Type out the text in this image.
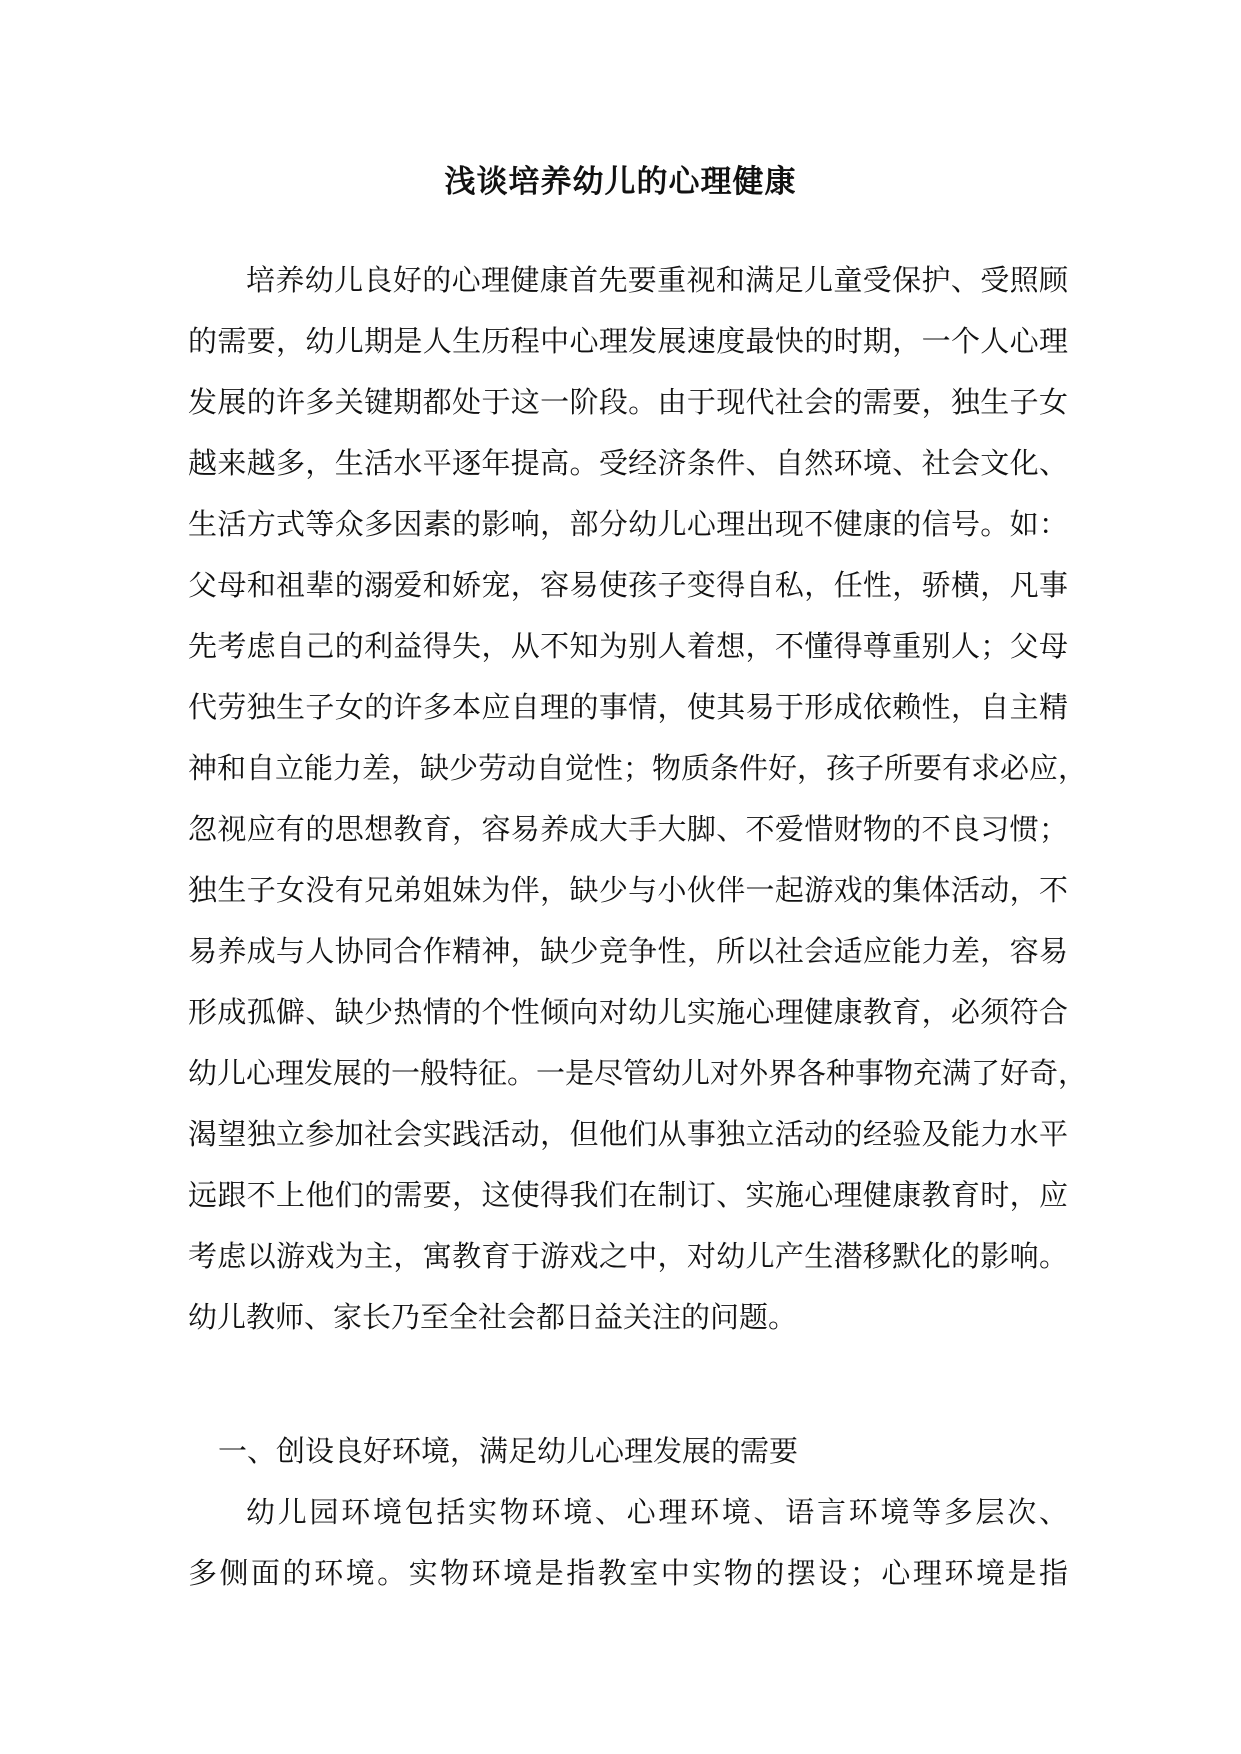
浅谈培养幼儿的心理健康
培养幼儿良好的心理健康首先要重视和满足儿童受保护、受照顾
的需要，幼儿期是人生历程中心理发展速度最快的时期，一个人心理
发展的许多关键期都处于这一阶段。由于现代社会的需要，独生子女
越来越多，生活水平逐年提高。受经济条件、自然环境、社会文化、
生活方式等众多因素的影响，部分幼儿心理出现不健康的信号。如：
父母和祖辈的溺爱和娇宠，容易使孩子变得自私，任性，骄横，凡事
先考虑自己的利益得失，从不知为别人着想，不懂得尊重别人；父母
代劳独生子女的许多本应自理的事情，使其易于形成依赖性，自主精
神和自立能力差，缺少劳动自觉性；物质条件好，孩子所要有求必应，
忽视应有的思想教育，容易养成大手大脚、不爱惜财物的不良习惯；
独生子女没有兄弟姐妹为伴，缺少与小伙伴一起游戏的集体活动，不
易养成与人协同合作精神，缺少竞争性，所以社会适应能力差，容易
形成孤僻、缺少热情的个性倾向对幼儿实施心理健康教育，必须符合
幼儿心理发展的一般特征。一是尽管幼儿对外界各种事物充满了好奇，
渴望独立参加社会实践活动，但他们从事独立活动的经验及能力水平
远跟不上他们的需要，这使得我们在制订、实施心理健康教育时，应
考虑以游戏为主，寓教育于游戏之中，对幼儿产生潜移默化的影响。
幼儿教师、家长乃至全社会都日益关注的问题。
一、创设良好环境，满足幼儿心理发展的需要
幼儿园环境包括实物环境、心理环境、语言环境等多层次、
多侧面的环境。实物环境是指教室中实物的摆设；心理环境是指
